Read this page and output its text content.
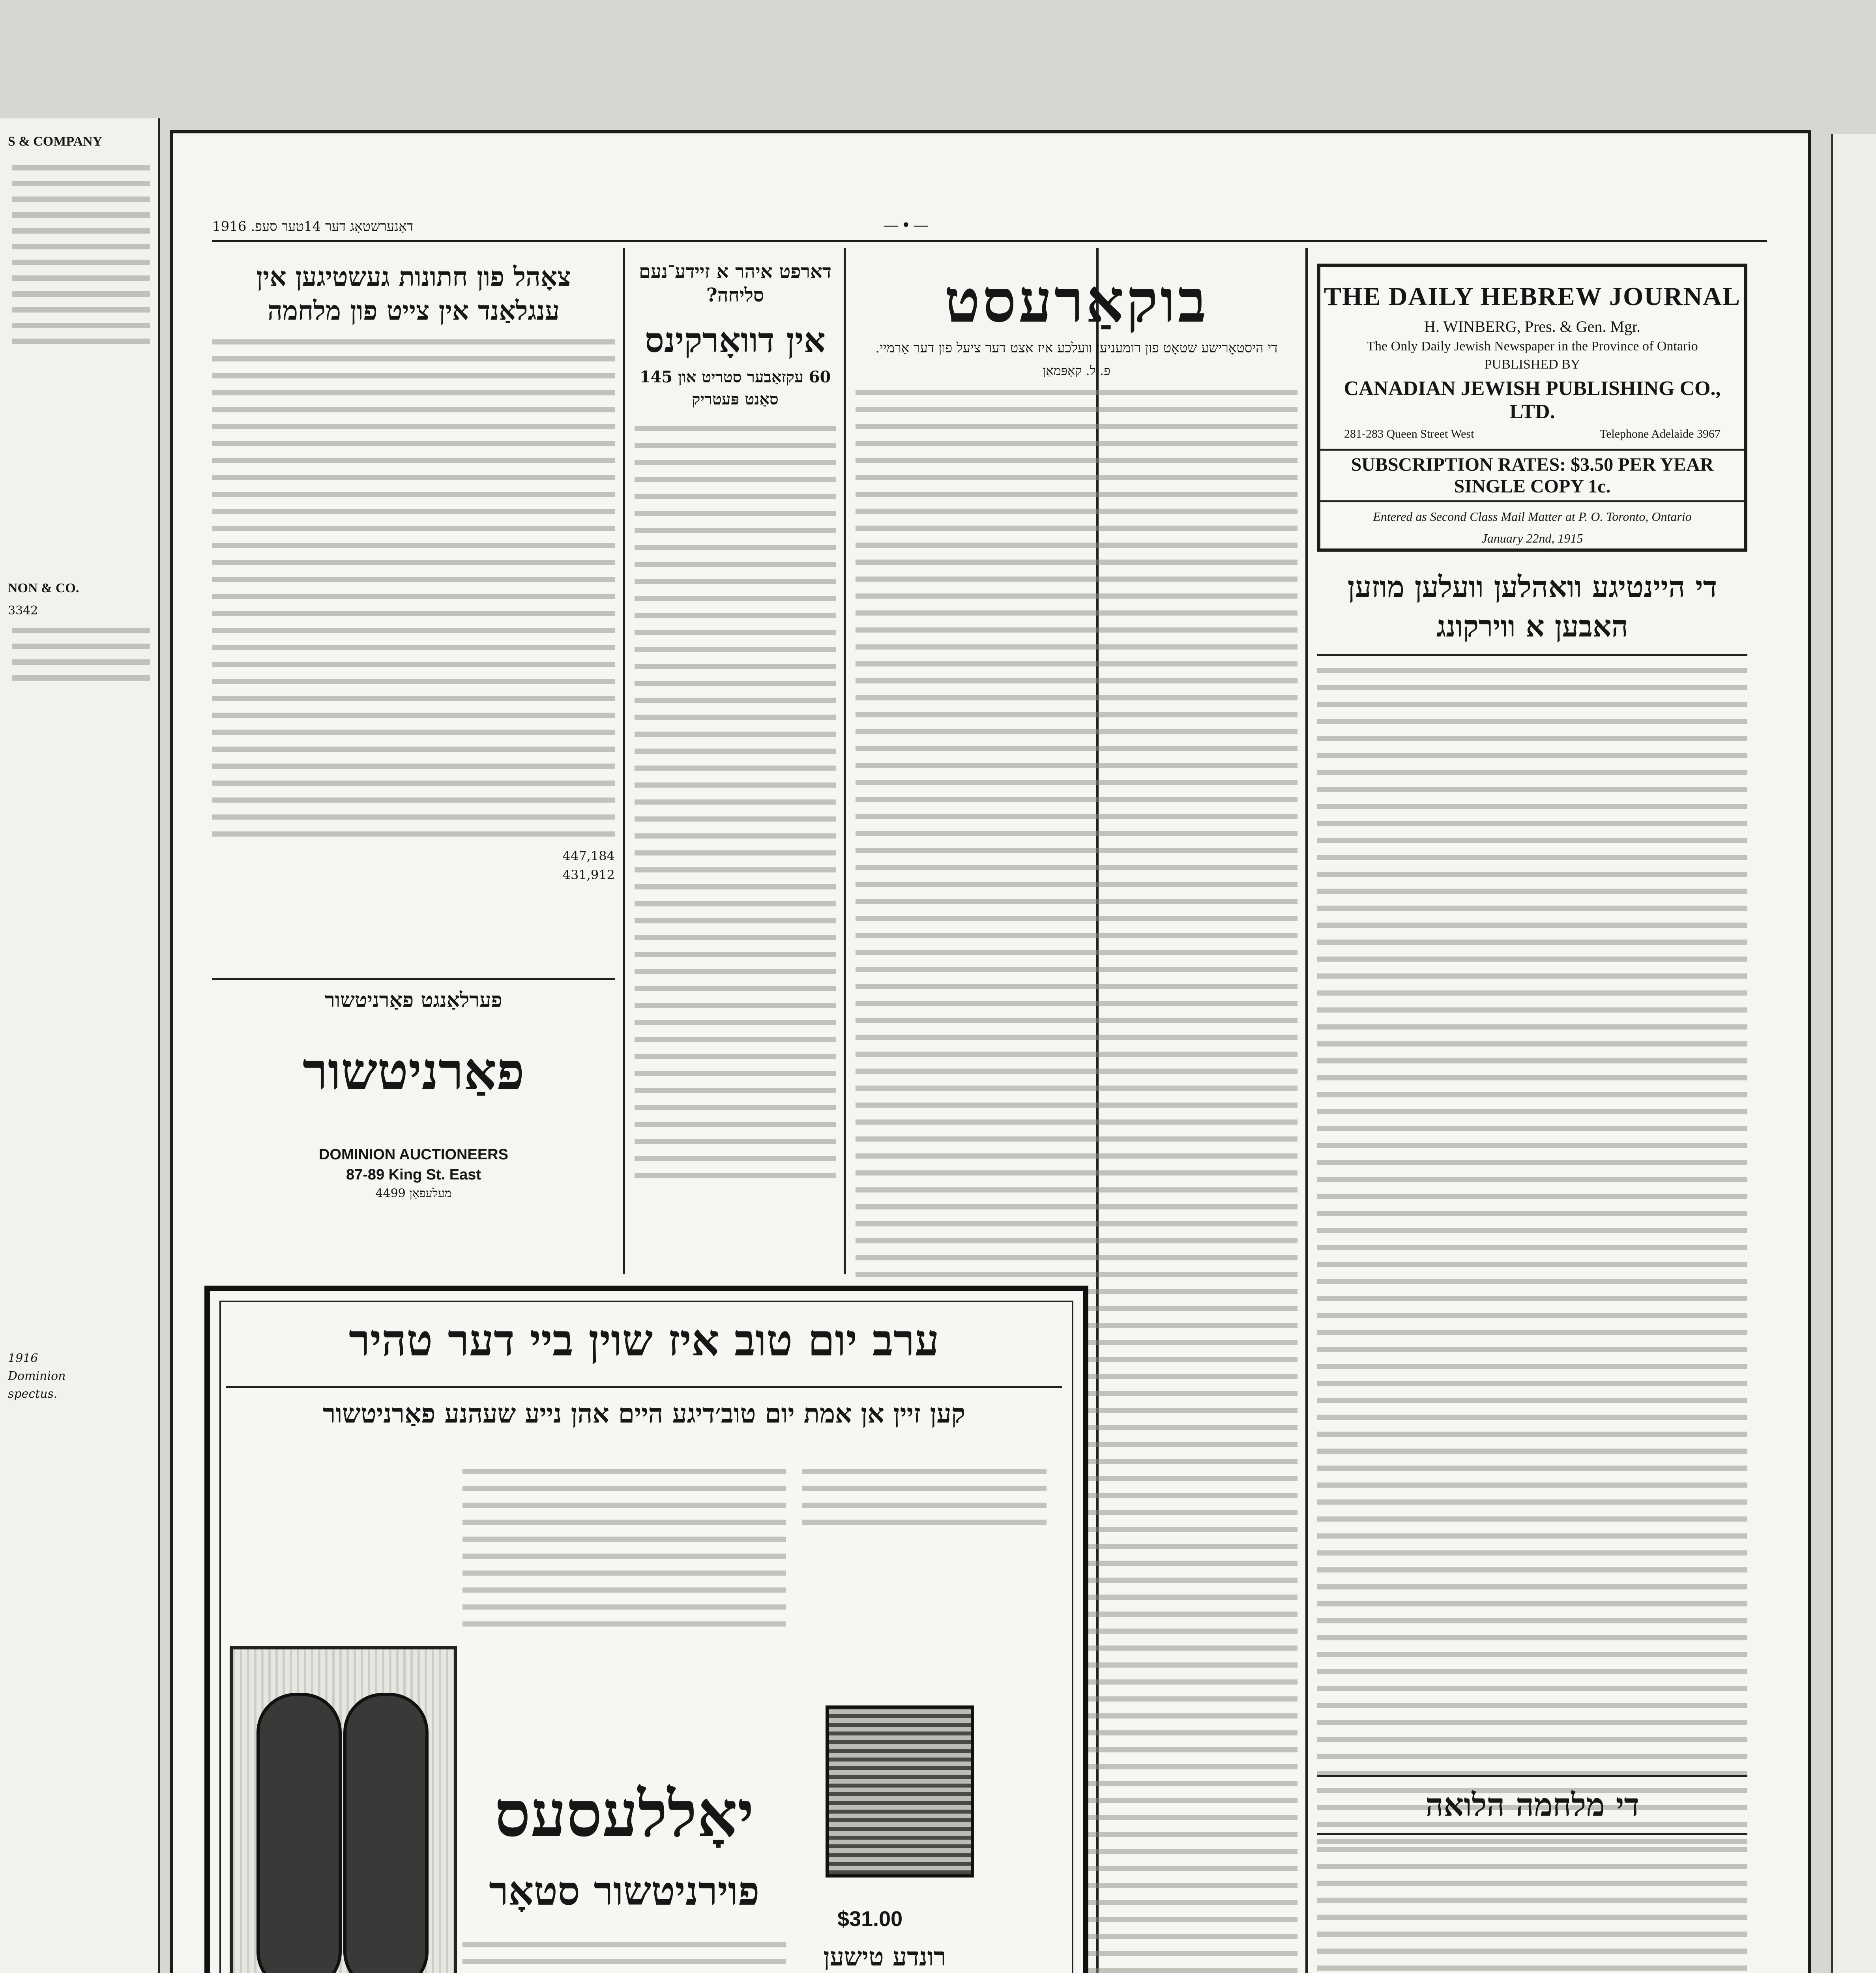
S & COMPANY
NON & CO.
3342
1916
Dominion
spectus.
דאָנערשטאָג דער 14טער סעפ. 1916	—•—
THE DAILY HEBREW JOURNAL
H. WINBERG, Pres. & Gen. Mgr.
The Only Daily Jewish Newspaper in the Province of Ontario
PUBLISHED BY
CANADIAN JEWISH PUBLISHING CO., LTD.
281-283 Queen Street West	Telephone Adelaide 3967
SUBSCRIPTION RATES: $3.50 PER YEAR
SINGLE COPY 1c.
Entered as Second Class Mail Matter at P. O. Toronto, Ontario
January 22nd, 1915
די היינטיגע וואהלען וועלען מוזען האבען א ווירקונג
די מלחמה הלואה
בוקאַרעסט
די היסטאָרישע שטאָט פון רומעניען וועלכע איז אצט דער ציעל פון דער אַרמיי.
פ. ל. קאָפּמאַן
דארפט איהר א זיידע־נעם סליחה?
אין דוואָרקינס
60 עקזאַבער סטריט און 145 סאַנט פּעטריק
צאָהל פון חתונות געשטיגען אין ענגלאַנד אין צייט פון מלחמה
447,184
431,912
פערלאַנגט פאַרניטשור
פאַרניטשור
DOMINION AUCTIONEERS
87-89 King St. East
מעלעפאָן 4499
ערב יום טוב איז שוין ביי דער טהיר
קען זיין אן אמת יום טוב׳דיגע היים אהן נייע שעהנע פאַרניטשור
יאָללעסעס
פוירניטשור סטאָר
$31.00
רונדע טישען
